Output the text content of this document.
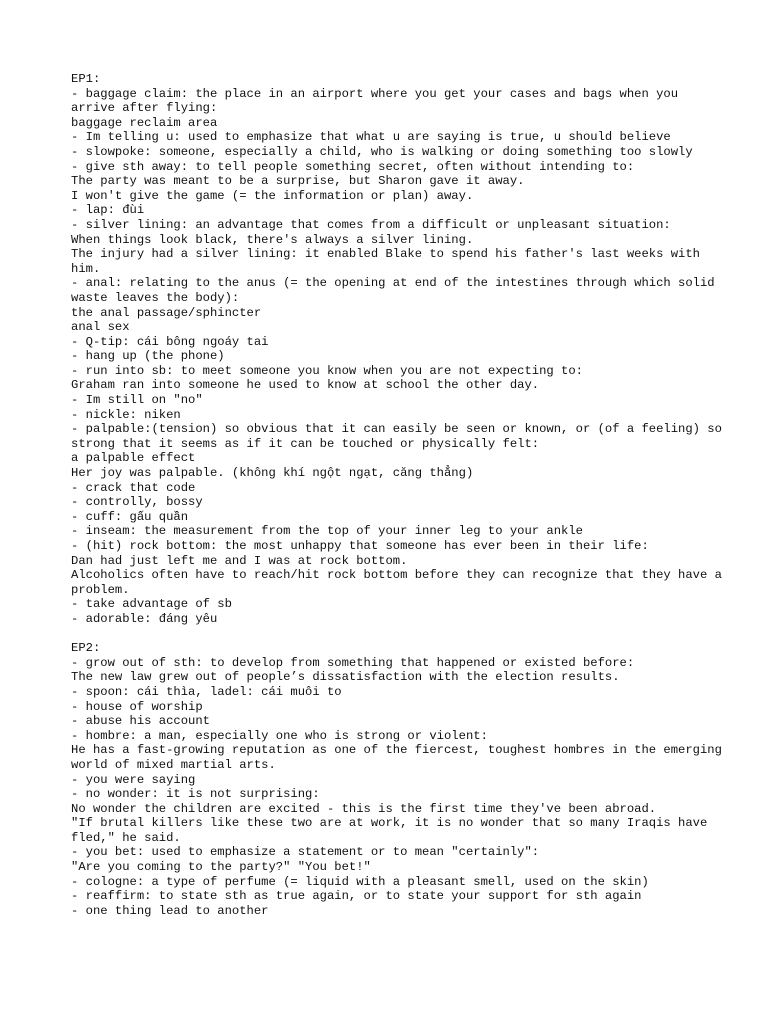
EP1:
- baggage claim: the place in an airport where you get your cases and bags when you arrive after flying:
baggage reclaim area
- Im telling u: used to emphasize that what u are saying is true, u should believe
- slowpoke: someone, especially a child, who is walking or doing something too slowly
- give sth away: to tell people something secret, often without intending to:
The party was meant to be a surprise, but Sharon gave it away.
I won't give the game (= the information or plan) away.
- lap: đùi
- silver lining: an advantage that comes from a difficult or unpleasant situation:
When things look black, there's always a silver lining.
The injury had a silver lining: it enabled Blake to spend his father's last weeks with him.
- anal: relating to the anus (= the opening at end of the intestines through which solid waste leaves the body):
the anal passage/sphincter
anal sex
- Q-tip: cái bông ngoáy tai
- hang up (the phone)
- run into sb: to meet someone you know when you are not expecting to:
Graham ran into someone he used to know at school the other day.
- Im still on "no"
- nickle: niken
- palpable:(tension) so obvious that it can easily be seen or known, or (of a feeling) so strong that it seems as if it can be touched or physically felt:
a palpable effect
Her joy was palpable. (không khí ngột ngạt, căng thẳng)
- crack that code
- controlly, bossy
- cuff: gấu quần
- inseam: the measurement from the top of your inner leg to your ankle
- (hit) rock bottom: the most unhappy that someone has ever been in their life:
Dan had just left me and I was at rock bottom.
Alcoholics often have to reach/hit rock bottom before they can recognize that they have a problem.
- take advantage of sb
- adorable: đáng yêu
EP2:
- grow out of sth: to develop from something that happened or existed before:
The new law grew out of people’s dissatisfaction with the election results.
- spoon: cái thìa, ladel: cái muôi to
- house of worship
- abuse his account
- hombre: a man, especially one who is strong or violent:
He has a fast-growing reputation as one of the fiercest, toughest hombres in the emerging world of mixed martial arts.
- you were saying
- no wonder: it is not surprising:
No wonder the children are excited - this is the first time they've been abroad.
"If brutal killers like these two are at work, it is no wonder that so many Iraqis have fled," he said.
- you bet: used to emphasize a statement or to mean "certainly":
"Are you coming to the party?" "You bet!"
- cologne: a type of perfume (= liquid with a pleasant smell, used on the skin)
- reaffirm: to state sth as true again, or to state your support for sth again
- one thing lead to another
